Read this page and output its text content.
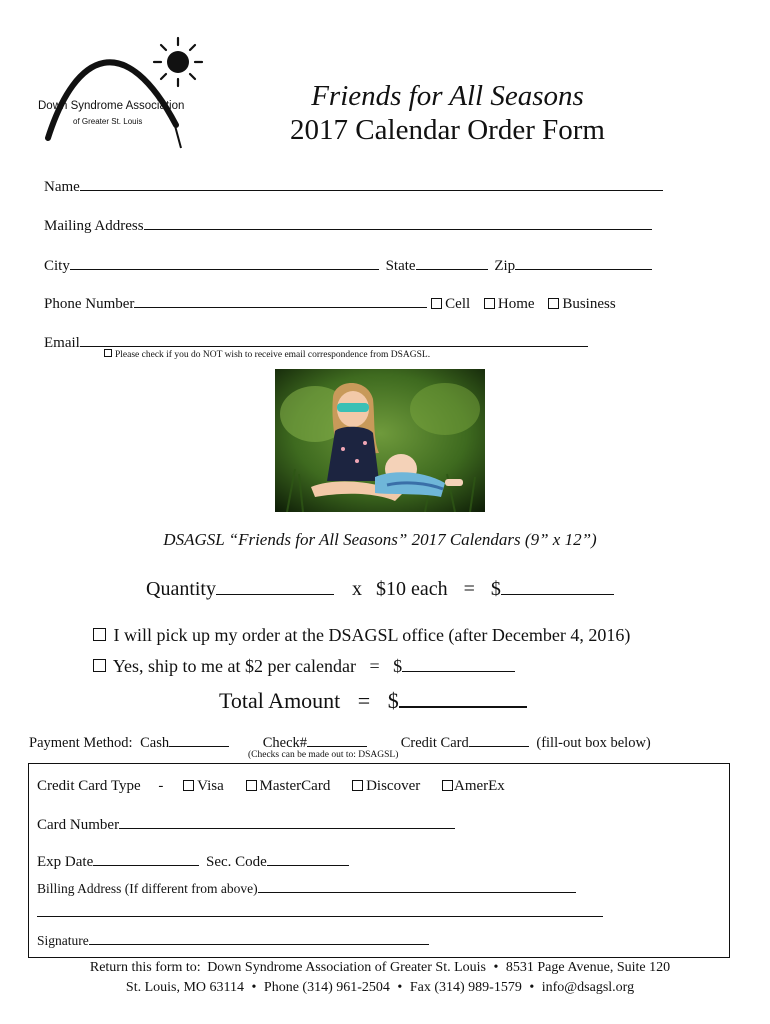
Down Syndrome Association
of Greater St. Louis
Friends for All Seasons
2017 Calendar Order Form
Name
Mailing Address
City	State	Zip
Phone Number	Cell Home Business
Email
Please check if you do NOT wish to receive email correspondence from DSAGSL.
DSAGSL “Friends for All Seasons” 2017 Calendars (9” x 12”)
Quantity	x $10 each = $
I will pick up my order at the DSAGSL office (after December 4, 2016)
Yes, ship to me at $2 per calendar = $
Total Amount = $
Payment Method: Cash	Check#	Credit Card	(fill-out box below)
(Checks can be made out to: DSAGSL)
Credit Card Type - Visa MasterCard Discover AmerEx
Card Number
Exp Date	Sec. Code
Billing Address (If different from above)
Signature
Return this form to: Down Syndrome Association of Greater St. Louis • 8531 Page Avenue, Suite 120
St. Louis, MO 63114 • Phone (314) 961-2504 • Fax (314) 989-1579 • info@dsagsl.org
